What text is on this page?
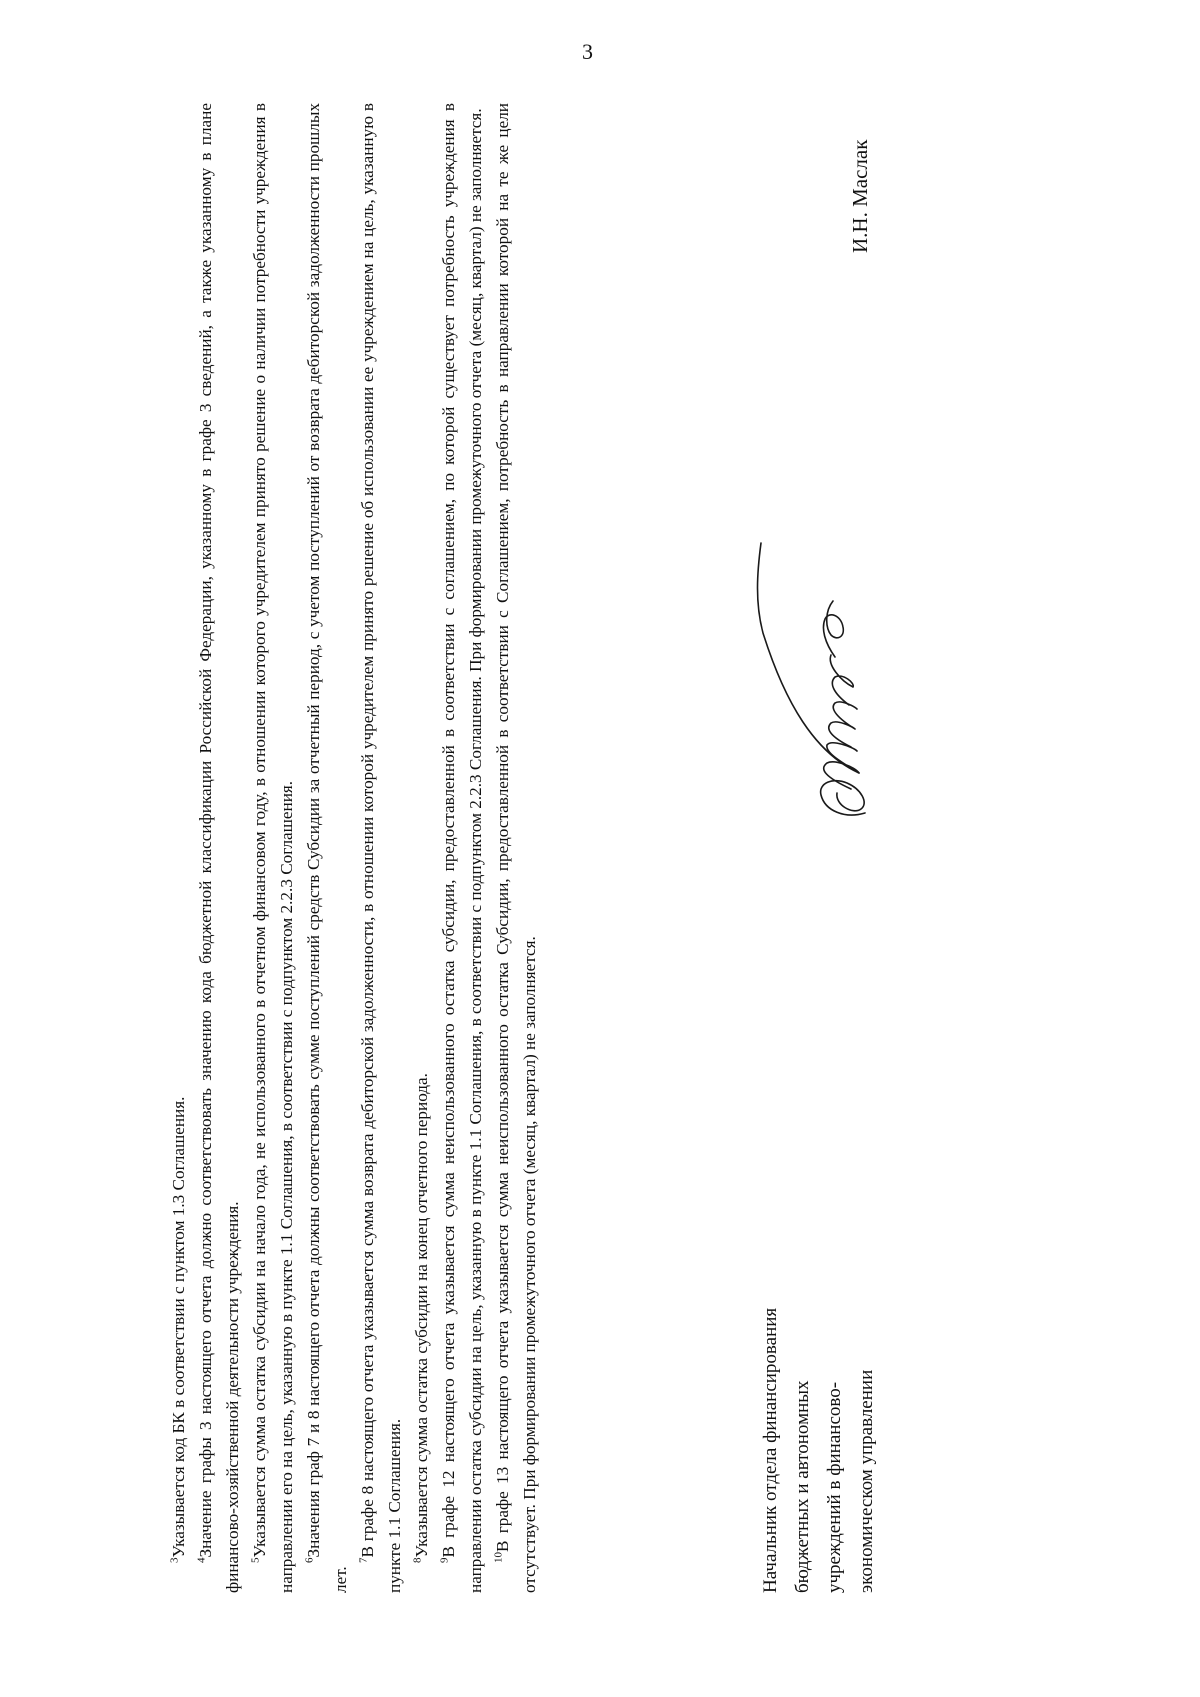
3

$^3$Указывается код БК в соответствии с пунктом 1.3 Соглашения.

$^4$Значение графы 3 настоящего отчета должно соответствовать значению кода бюджетной классификации Российской Федерации, указанному в графе 3 сведений, а также указанному в плане финансово-хозяйственной деятельности учреждения. $^5$Указывается сумма остатка субсидии на начало года, не использованного в отчетном финансовом году, в отношении которого учредителем принято решение о наличии потребности учреждения в направлении его на цель, указанную в пункте 1.1 Соглашения, в соответствии с подпунктом 2.2.3 Соглашения. $^6$Значения граф 7 и 8 настоящего отчета должны соответствовать сумме поступлений средств Субсидии за отчетный период, с учетом поступлений от возврата дебиторской задолженности прошлых лет.

$^7$В графе 8 настоящего отчета указывается сумма возврата дебиторской задолженности, в отношении которой учредителем принято решение об использовании ее учреждением на цель, указанную в пункте 1.1 Соглашения. $^8$Указывается сумма остатка субсидии на конец отчетного периода.

$^9$В графе 12 настоящего отчета указывается сумма неиспользованного остатка субсидии, предоставленной в соответствии с соглашением, по которой существует потребность учреждения в направлении остатка субсидии на цель, указанную в пункте 1.1 Соглашения, в соответствии с подпунктом 2.2.3 Соглашения. При формировании промежуточного отчета (месяц, квартал) не заполняется. $^{10}$В графе 13 настоящего отчета указывается сумма неиспользованного остатка Субсидии, предоставленной в соответствии с Соглашением, потребность в направлении которой на те же цели отсутствует. При формировании промежуточного отчета (месяц, квартал) не заполняется.	Начальник отдела финансирования бюджетных и автономных учреждений в финансово- экономическом управлении
И.Н. Маслак
